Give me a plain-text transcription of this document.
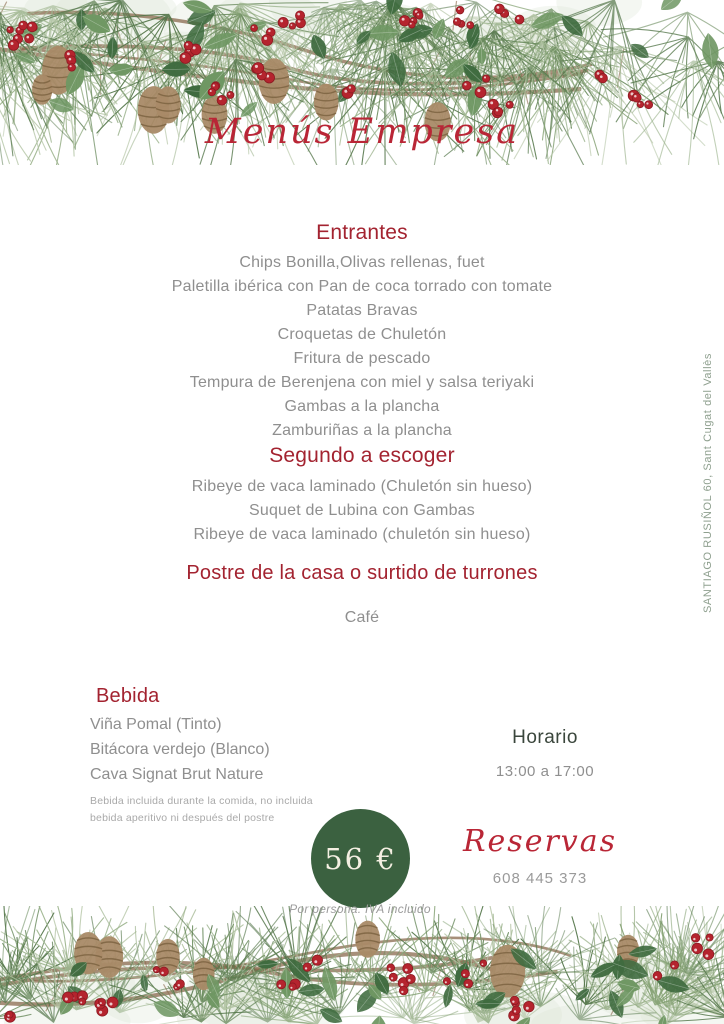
Menús Empresa
Entrantes
Chips Bonilla,Olivas rellenas, fuet
Paletilla ibérica con Pan de coca torrado con tomate
Patatas Bravas
Croquetas de Chuletón
Fritura de pescado
Tempura de Berenjena con miel y salsa teriyaki
Gambas a la plancha
Zamburiñas a la plancha
Segundo a escoger
Ribeye de vaca laminado (Chuletón sin hueso)
Suquet de Lubina con Gambas
Ribeye de vaca laminado (chuletón sin hueso)
Postre de la casa o surtido de turrones
Café
Bebida
Viña Pomal (Tinto)
Bitácora verdejo (Blanco)
Cava Signat Brut Nature
Bebida incluida durante la comida, no incluida
bebida aperitivo ni después del postre
Horario
13:00 a 17:00
56 €
Por persona. IVA incluido
Reservas
608 445 373
SANTIAGO RUSIÑOL 60, Sant Cugat del Vallès
